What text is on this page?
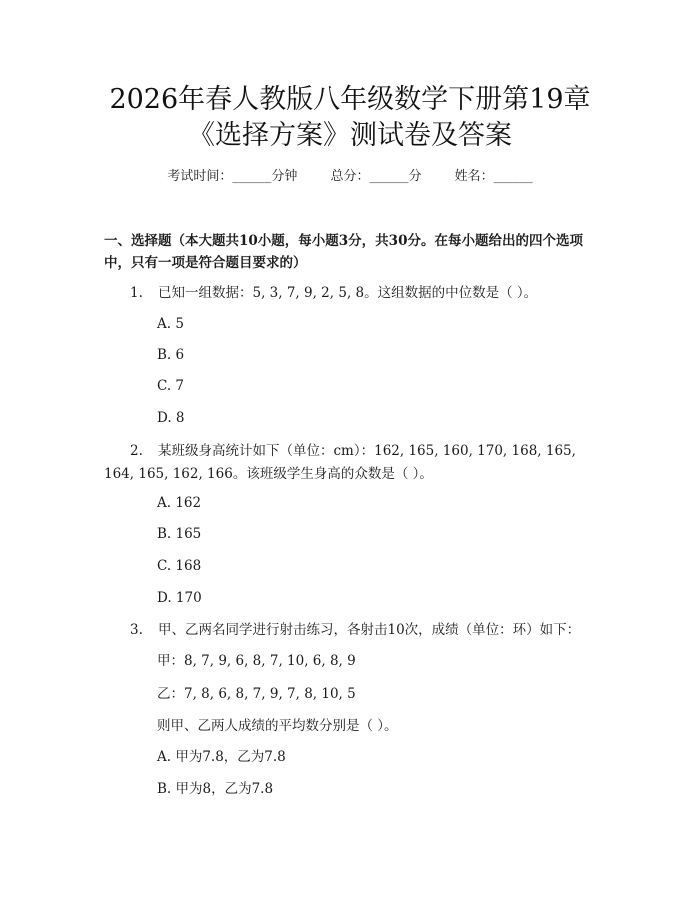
2026年春人教版八年级数学下册第19章
《选择方案》测试卷及答案
考试时间：______分钟	总分：______分	姓名：______
一、选择题（本大题共10小题，每小题3分，共30分。在每小题给出的四个选项中，只有一项是符合题目要求的）
1. 已知一组数据：5, 3, 7, 9, 2, 5, 8。这组数据的中位数是（ ）。
A. 5
B. 6
C. 7
D. 8
2. 某班级身高统计如下（单位：cm）：162, 165, 160, 170, 168, 165,
164, 165, 162, 166。该班级学生身高的众数是（ ）。
A. 162
B. 165
C. 168
D. 170
3. 甲、乙两名同学进行射击练习，各射击10次，成绩（单位：环）如下：
甲：8, 7, 9, 6, 8, 7, 10, 6, 8, 9
乙：7, 8, 6, 8, 7, 9, 7, 8, 10, 5
则甲、乙两人成绩的平均数分别是（ ）。
A. 甲为7.8，乙为7.8
B. 甲为8，乙为7.8
